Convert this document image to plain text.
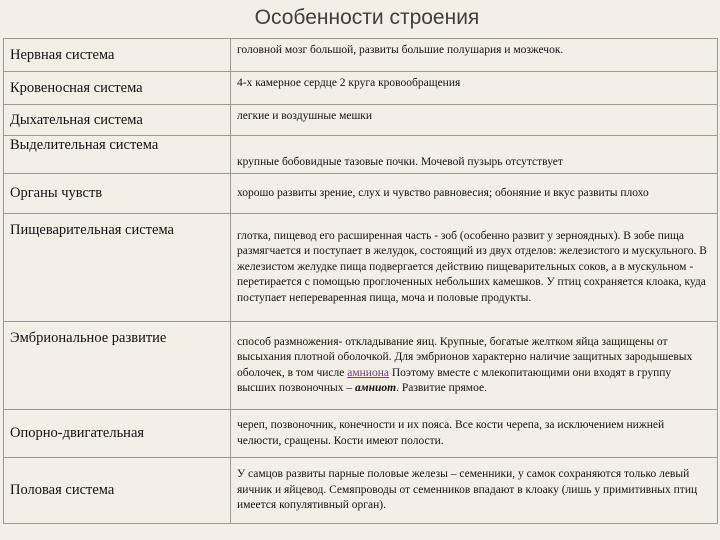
Особенности строения
Нервная система	головной мозг большой, развиты большие полушария и мозжечок.
Кровеносная система	4-х камерное сердце 2 круга кровообращения
Дыхательная система	легкие и воздушные мешки
Выделительная система	крупные бобовидные тазовые почки. Мочевой пузырь отсутствует
Органы чувств	хорошо развиты зрение, слух и чувство равновесия; обоняние и вкус развиты плохо
Пищеварительная система	глотка, пищевод его расширенная часть - зоб (особенно развит у зерноядных). В зобе пища размягчается и поступает в желудок, состоящий из двух отделов: железистого и мускульного. В железистом желудке пища подвергается действию пищеварительных соков, а в мускульном - перетирается с помощью проглоченных небольших камешков. У птиц сохраняется клоака, куда поступает непереваренная пища, моча и половые продукты.
Эмбриональное развитие	способ размножения- откладывание яиц. Крупные, богатые желтком яйца защищены от высыхания плотной оболочкой. Для эмбрионов характерно наличие защитных зародышевых оболочек, в том числе амниона Поэтому вместе с млекопитающими они входят в группу высших позвоночных – амниот. Развитие прямое.
Опорно-двигательная	череп, позвоночник, конечности и их пояса. Все кости черепа, за исключением нижней челюсти, сращены. Кости имеют полости.
Половая система	У самцов развиты парные половые железы – семенники, у самок сохраняются только левый яичник и яйцевод. Семяпроводы от семенников впадают в клоаку (лишь у примитивных птиц имеется копулятивный орган).
